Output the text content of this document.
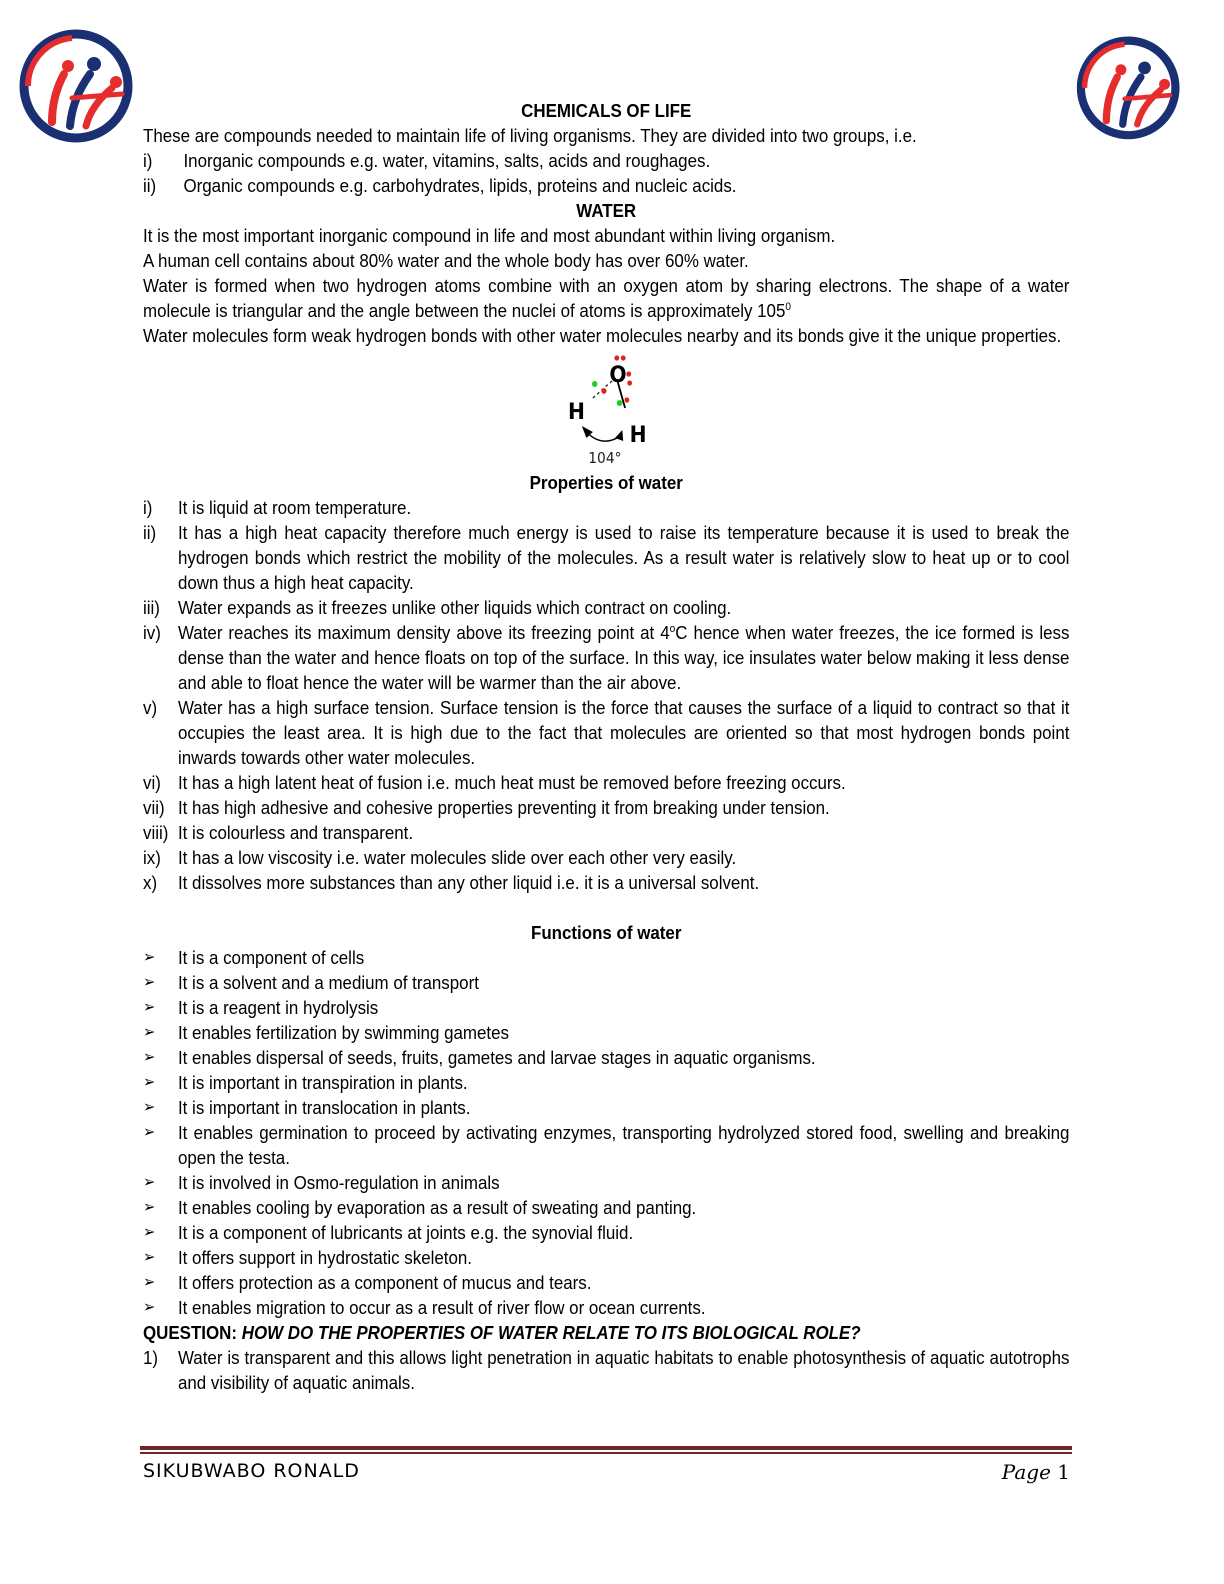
CHEMICALS OF LIFE

These are compounds needed to maintain life of living organisms. They are divided into two groups, i.e.

i)	Inorganic compounds e.g. water, vitamins, salts, acids and roughages.
ii)	Organic compounds e.g. carbohydrates, lipids, proteins and nucleic acids.

WATER

It is the most important inorganic compound in life and most abundant within living organism.

A human cell contains about 80% water and the whole body has over 60% water.

Water is formed when two hydrogen atoms combine with an oxygen atom by sharing electrons. The shape of a water molecule is triangular and the angle between the nuclei of atoms is approximately $105^0$

Water molecules form weak hydrogen bonds with other water molecules nearby and its bonds give it the unique properties.

O
H
H
104°

Properties of water

i)	It is liquid at room temperature.
ii)	It has a high heat capacity therefore much energy is used to raise its temperature because it is used to break the hydrogen bonds which restrict the mobility of the molecules. As a result water is relatively slow to heat up or to cool down thus a high heat capacity.
iii) Water expands as it freezes unlike other liquids which contract on cooling.
iv) Water reaches its maximum density above its freezing point at 4$^o$C hence when water freezes, the ice formed is less dense than the water and hence floats on top of the surface. In this way, ice insulates water below making it less dense and able to float hence the water will be warmer than the air above.
v)	Water has a high surface tension. Surface tension is the force that causes the surface of a liquid to contract so that it occupies the least area. It is high due to the fact that molecules are oriented so that most hydrogen bonds point inwards towards other water molecules.
vi) It has a high latent heat of fusion i.e. much heat must be removed before freezing occurs.
vii) It has high adhesive and cohesive properties preventing it from breaking under tension.
viii) It is colourless and transparent.
ix) It has a low viscosity i.e. water molecules slide over each other very easily.
x)	It dissolves more substances than any other liquid i.e. it is a universal solvent.

Functions of water

➢	It is a component of cells
➢	It is a solvent and a medium of transport
➢	It is a reagent in hydrolysis
➢	It enables fertilization by swimming gametes
➢	It enables dispersal of seeds, fruits, gametes and larvae stages in aquatic organisms.
➢	It is important in transpiration in plants.
➢	It is important in translocation in plants.
➢	It enables germination to proceed by activating enzymes, transporting hydrolyzed stored food, swelling and breaking open the testa.
➢	It is involved in Osmo-regulation in animals
➢	It enables cooling by evaporation as a result of sweating and panting.
➢	It is a component of lubricants at joints e.g. the synovial fluid.
➢	It offers support in hydrostatic skeleton.
➢	It offers protection as a component of mucus and tears.
➢	It enables migration to occur as a result of river flow or ocean currents.

QUESTION: HOW DO THE PROPERTIES OF WATER RELATE TO ITS BIOLOGICAL ROLE?

1)	Water is transparent and this allows light penetration in aquatic habitats to enable photosynthesis of aquatic autotrophs and visibility of aquatic animals.
SIKUBWABO RONALD	Page 1
